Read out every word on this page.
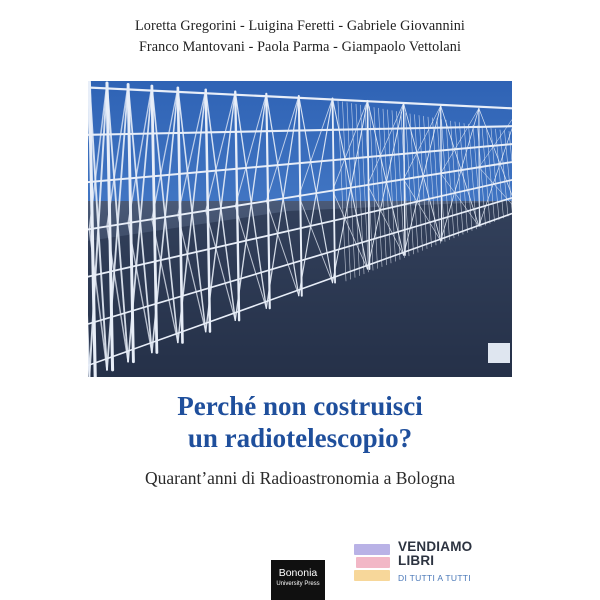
Loretta Gregorini - Luigina Feretti - Gabriele Giovannini
Franco Mantovani - Paola Parma - Giampaolo Vettolani
Perché non costruisci
un radiotelescopio?
Quarant’anni di Radioastronomia a Bologna
Bononia
University Press
VENDIAMO
LIBRI
DI TUTTI A TUTTI
